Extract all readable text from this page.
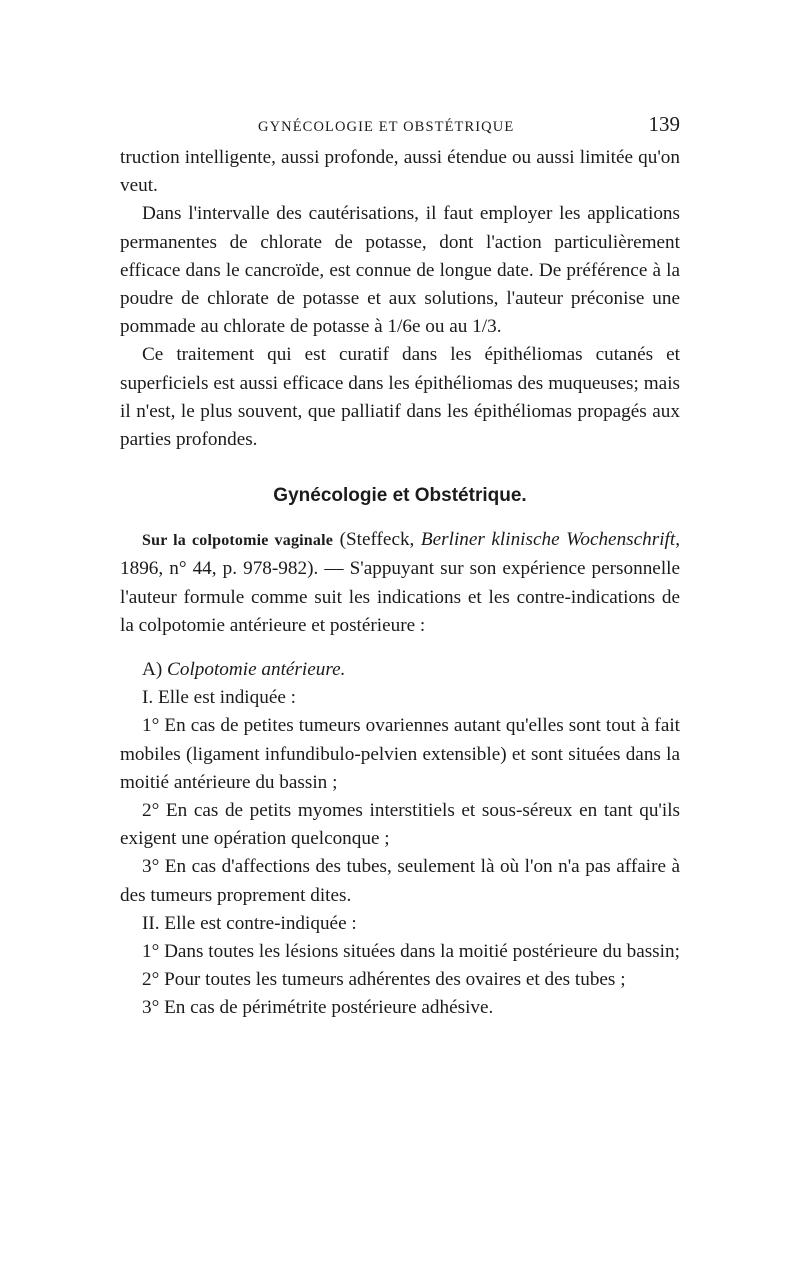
GYNÉCOLOGIE ET OBSTÉTRIQUE	139

truction intelligente, aussi profonde, aussi étendue ou aussi limitée qu'on veut.

Dans l'intervalle des cautérisations, il faut employer les applications permanentes de chlorate de potasse, dont l'action particulièrement efficace dans le cancroïde, est connue de longue date. De préférence à la poudre de chlorate de potasse et aux solutions, l'auteur préconise une pommade au chlorate de potasse à 1/6e ou au 1/3.

Ce traitement qui est curatif dans les épithéliomas cutanés et superficiels est aussi efficace dans les épithéliomas des muqueuses; mais il n'est, le plus souvent, que palliatif dans les épithéliomas propagés aux parties profondes.

Gynécologie et Obstétrique.

Sur la colpotomie vaginale (Steffeck, Berliner klinische Wochenschrift, 1896, n° 44, p. 978-982). — S'appuyant sur son expérience personnelle l'auteur formule comme suit les indications et les contre-indications de la colpotomie antérieure et postérieure :

A) Colpotomie antérieure.

I. Elle est indiquée :

1° En cas de petites tumeurs ovariennes autant qu'elles sont tout à fait mobiles (ligament infundibulo-pelvien extensible) et sont situées dans la moitié antérieure du bassin ;

2° En cas de petits myomes interstitiels et sous-séreux en tant qu'ils exigent une opération quelconque ;

3° En cas d'affections des tubes, seulement là où l'on n'a pas affaire à des tumeurs proprement dites.

II. Elle est contre-indiquée :

1° Dans toutes les lésions situées dans la moitié postérieure du bassin;

2° Pour toutes les tumeurs adhérentes des ovaires et des tubes ;

3° En cas de périmétrite postérieure adhésive.
